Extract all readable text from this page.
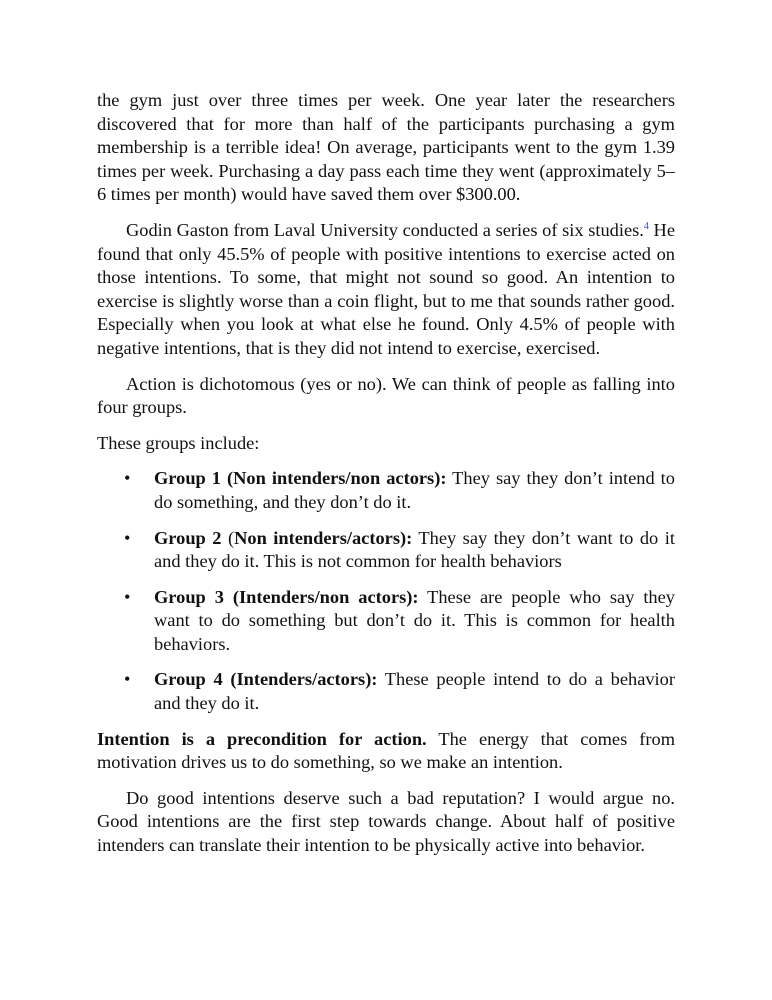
the gym just over three times per week. One year later the researchers discovered that for more than half of the participants purchasing a gym membership is a terrible idea! On average, participants went to the gym 1.39 times per week. Purchasing a day pass each time they went (approximately 5–6 times per month) would have saved them over $300.00.

Godin Gaston from Laval University conducted a series of six studies.$^4$ He found that only 45.5% of people with positive intentions to exercise acted on those intentions. To some, that might not sound so good. An intention to exercise is slightly worse than a coin flight, but to me that sounds rather good. Especially when you look at what else he found. Only 4.5% of people with negative intentions, that is they did not intend to exercise, exercised.

Action is dichotomous (yes or no). We can think of people as falling into four groups.

These groups include:

• Group 1 (Non intenders/non actors): They say they don’t intend to do something, and they don’t do it.
• Group 2 (Non intenders/actors): They say they don’t want to do it and they do it. This is not common for health behaviors
• Group 3 (Intenders/non actors): These are people who say they want to do something but don’t do it. This is common for health behaviors.
• Group 4 (Intenders/actors): These people intend to do a behavior and they do it.

Intention is a precondition for action. The energy that comes from motivation drives us to do something, so we make an intention.

Do good intentions deserve such a bad reputation? I would argue no. Good intentions are the first step towards change. About half of positive intenders can translate their intention to be physically active into behavior.
